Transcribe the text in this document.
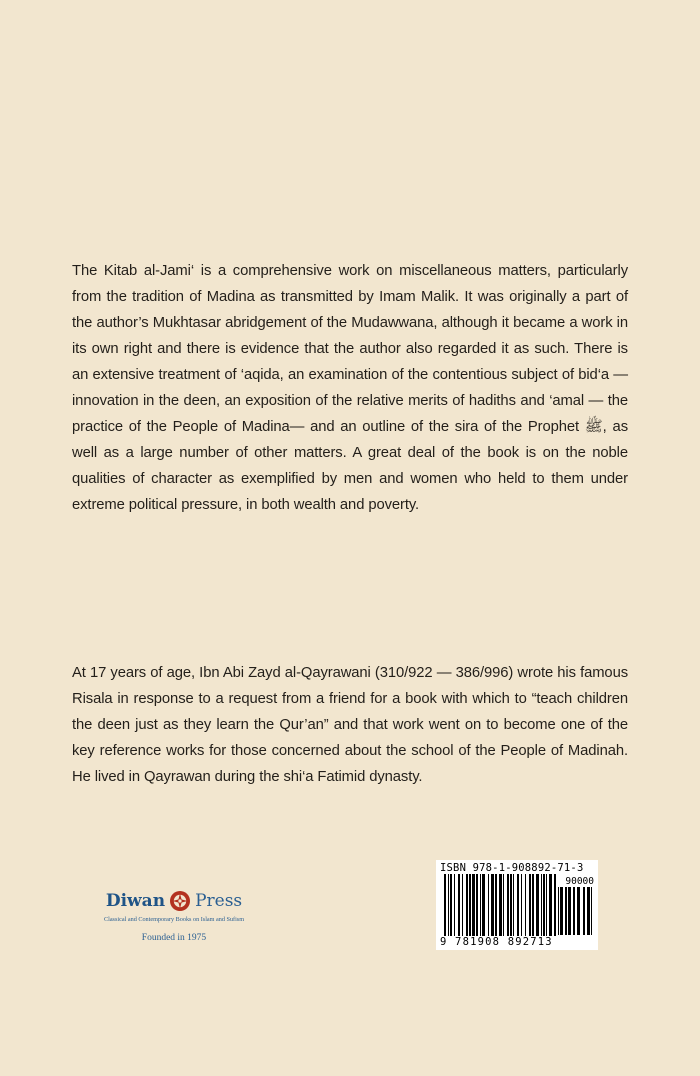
The Kitab al-Jami‘ is a comprehensive work on miscellaneous matters, particularly from the tradition of Madina as transmitted by Imam Malik. It was originally a part of the author’s Mukhtasar abridgement of the Mudawwana, although it became a work in its own right and there is evidence that the author also regarded it as such. There is an extensive treatment of ‘aqida, an examination of the contentious subject of bid‘a — innovation in the deen, an exposition of the relative merits of hadiths and ‘amal — the practice of the People of Madina— and an outline of the sira of the Prophet ﷺ, as well as a large number of other matters. A great deal of the book is on the noble qualities of character as exemplified by men and women who held to them under extreme political pressure, in both wealth and poverty.

At 17 years of age, Ibn Abi Zayd al-Qayrawani (310/922 — 386/996) wrote his famous Risala in response to a request from a friend for a book with which to “teach children the deen just as they learn the Qur’an” and that work went on to become one of the key reference works for those concerned about the school of the People of Madinah. He lived in Qayrawan during the shi‘a Fatimid dynasty.

Diwan Press
Classical and Contemporary Books on Islam and Sufism
Founded in 1975
ISBN 978-1-908892-71-3
90000
9 781908 892713
